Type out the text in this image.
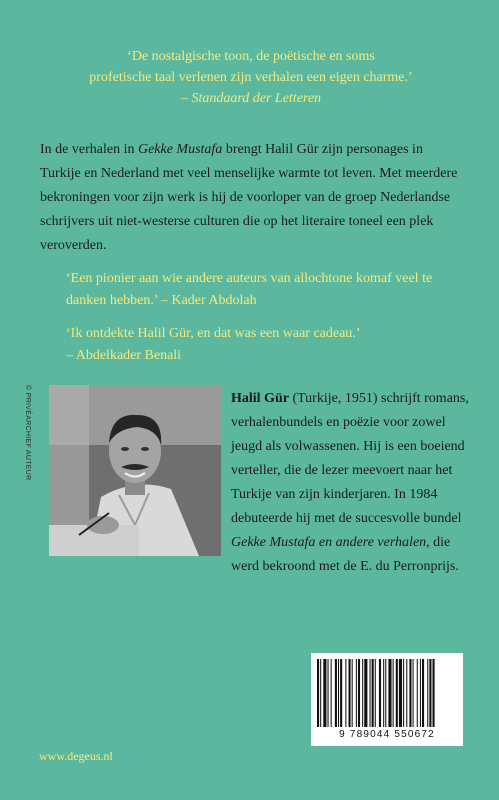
‘De nostalgische toon, de poëtische en soms
profetische taal verlenen zijn verhalen een eigen charme.’
– Standaard der Letteren
In de verhalen in Gekke Mustafa brengt Halil Gür zijn personages in Turkije en Nederland met veel menselijke warmte tot leven. Met meerdere bekroningen voor zijn werk is hij de voorloper van de groep Nederlandse schrijvers uit niet-westerse culturen die op het literaire toneel een plek veroverden.
‘Een pionier aan wie andere auteurs van allochtone komaf veel te danken hebben.’ – Kader Abdolah
‘Ik ontdekte Halil Gür, en dat was een waar cadeau.’
– Abdelkader Benali
© PRIVÉARCHIEF AUTEUR	Halil Gür (Turkije, 1951) schrijft romans, verhalenbundels en poëzie voor zowel jeugd als volwassenen. Hij is een boeiend verteller, die de lezer meevoert naar het Turkije van zijn kinderjaren. In 1984 debuteerde hij met de succesvolle bundel Gekke Mustafa en andere verhalen, die werd bekroond met de E. du Perronprijs.
9 789044 550672
www.degeus.nl
